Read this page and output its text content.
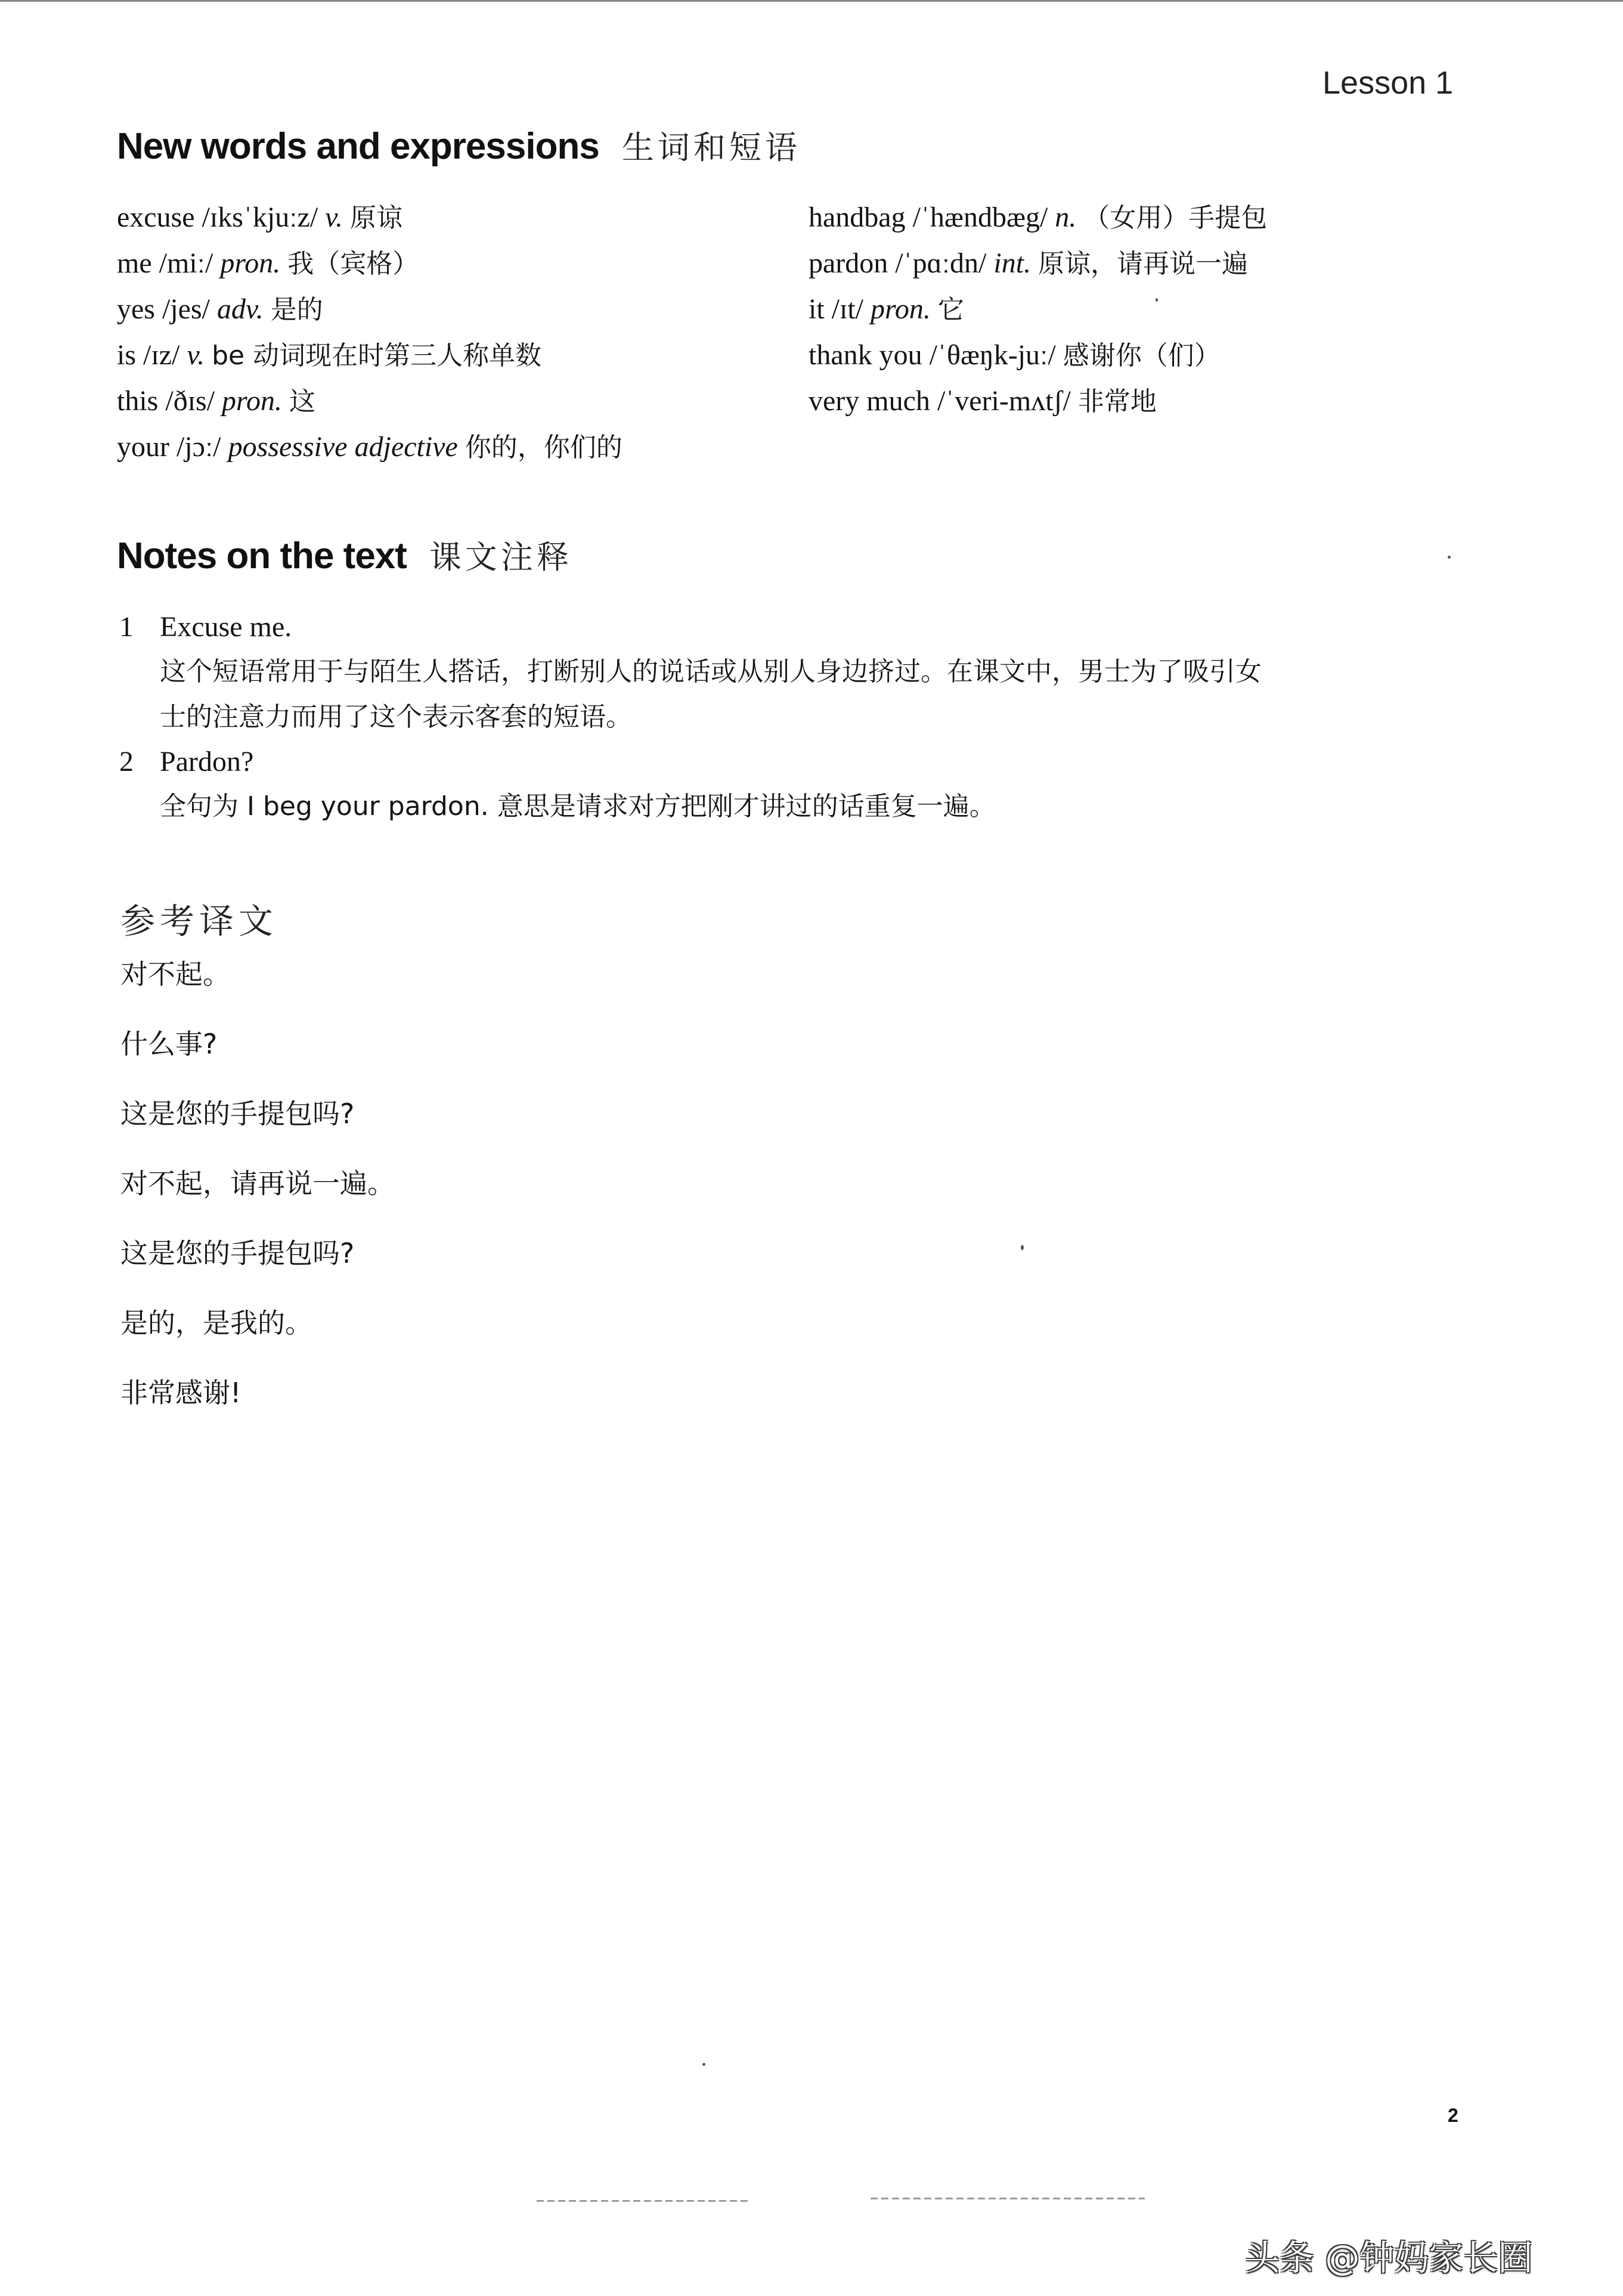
Lesson 1
New words and expressions 生词和短语
excuse /ɪksˈkjuːz/ v. 原谅
me /miː/ pron. 我（宾格）
yes /jes/ adv. 是的
is /ɪz/ v. be 动词现在时第三人称单数
this /ðɪs/ pron. 这
your /jɔː/ possessive adjective 你的，你们的
handbag /ˈhændbæg/ n. （女用）手提包
pardon /ˈpɑːdn/ int. 原谅，请再说一遍
it /ɪt/ pron. 它
thank you /ˈθæŋk-juː/ 感谢你（们）
very much /ˈveri-mʌtʃ/ 非常地
Notes on the text 课文注释
1 Excuse me.
这个短语常用于与陌生人搭话，打断别人的说话或从别人身边挤过。在课文中，男士为了吸引女
士的注意力而用了这个表示客套的短语。
2 Pardon?
全句为 I beg your pardon. 意思是请求对方把刚才讲过的话重复一遍。
参考译文
对不起。
什么事?
这是您的手提包吗?
对不起，请再说一遍。
这是您的手提包吗?
是的，是我的。
非常感谢!
2
头条 @钟妈家长圈
